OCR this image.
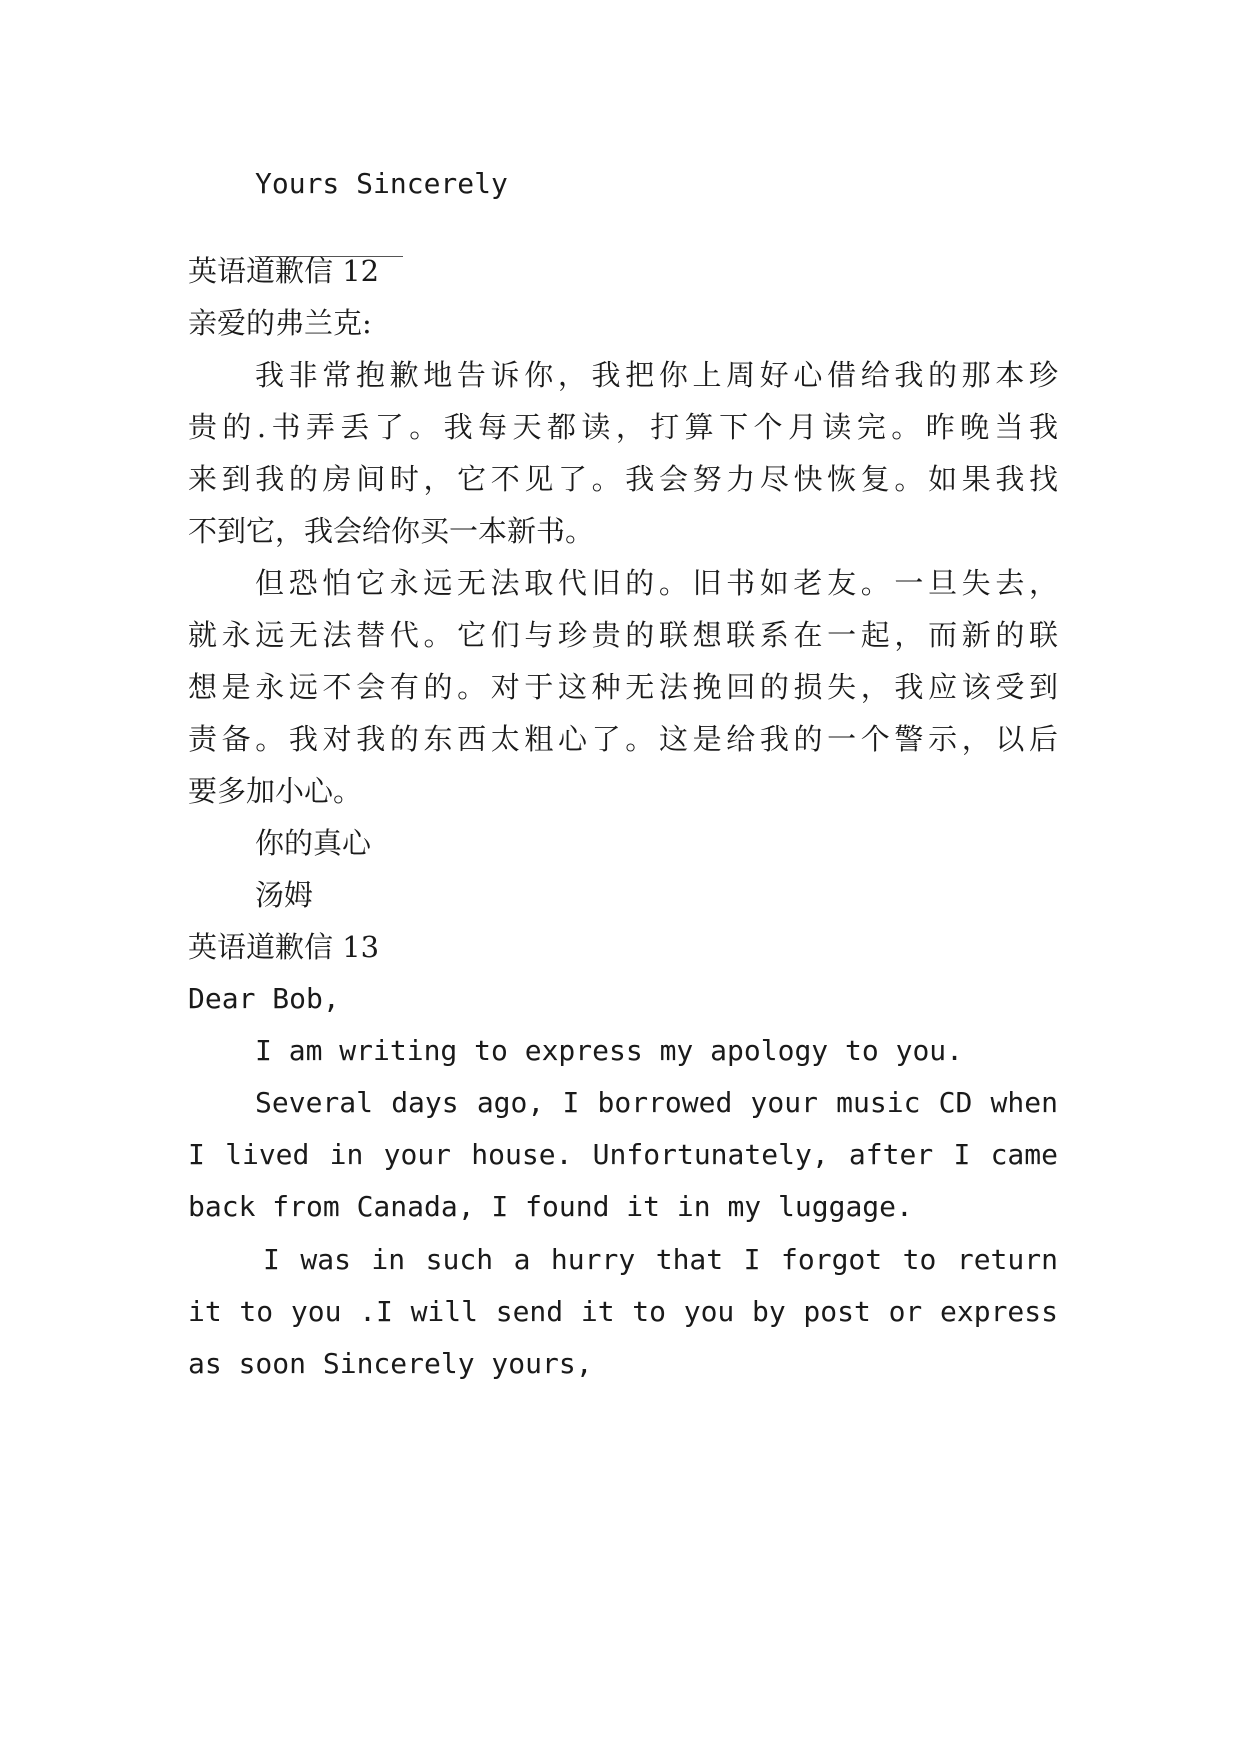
Yours Sincerely
英语道歉信 12
亲爱的弗兰克:
我非常抱歉地告诉你，我把你上周好心借给我的那本珍
贵的.书弄丢了。我每天都读，打算下个月读完。昨晚当我
来到我的房间时，它不见了。我会努力尽快恢复。如果我找
不到它，我会给你买一本新书。
但恐怕它永远无法取代旧的。旧书如老友。一旦失去，
就永远无法替代。它们与珍贵的联想联系在一起，而新的联
想是永远不会有的。对于这种无法挽回的损失，我应该受到
责备。我对我的东西太粗心了。这是给我的一个警示，以后
要多加小心。
你的真心
汤姆
英语道歉信 13
Dear Bob,
I am writing to express my apology to you.
Several days ago, I borrowed your music CD when
I lived in your house. Unfortunately, after I came
back from Canada, I found it in my luggage.
I was in such a hurry that I forgot to return
it to you .I will send it to you by post or express
as soon Sincerely yours,
